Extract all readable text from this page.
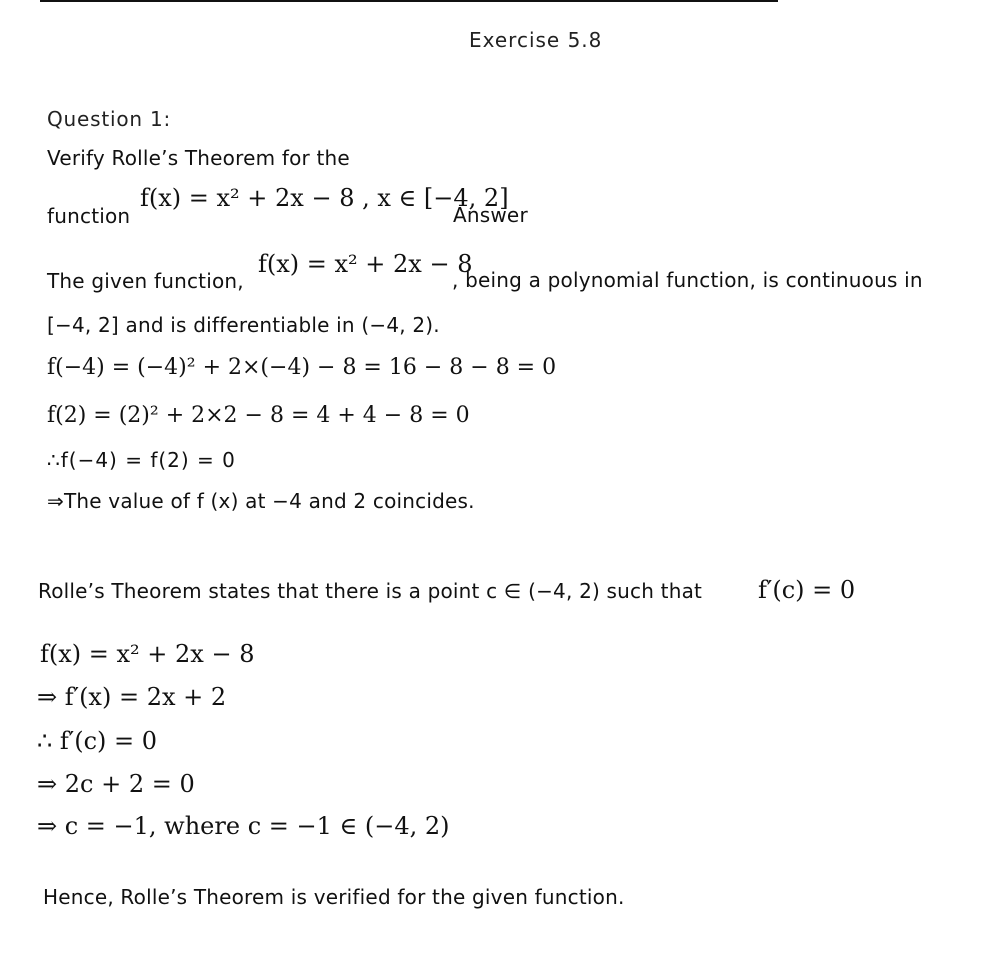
Exercise 5.8
Question 1:
Verify Rolle’s Theorem for the
function
f(x) = x² + 2x − 8 , x ∈ [−4, 2]
Answer
The given function,
f(x) = x² + 2x − 8
, being a polynomial function, is continuous in
[−4, 2] and is differentiable in (−4, 2).
f(−4) = (−4)² + 2×(−4) − 8 = 16 − 8 − 8 = 0
f(2) = (2)² + 2×2 − 8 = 4 + 4 − 8 = 0
∴f(−4) = f(2) = 0
⇒The value of f (x) at −4 and 2 coincides.
Rolle’s Theorem states that there is a point c ∈ (−4, 2) such that f′(c) = 0
f(x) = x² + 2x − 8
⇒ f′(x) = 2x + 2
∴ f′(c) = 0
⇒ 2c + 2 = 0
⇒ c = −1, where c = −1 ∈ (−4, 2)
Hence, Rolle’s Theorem is verified for the given function.
